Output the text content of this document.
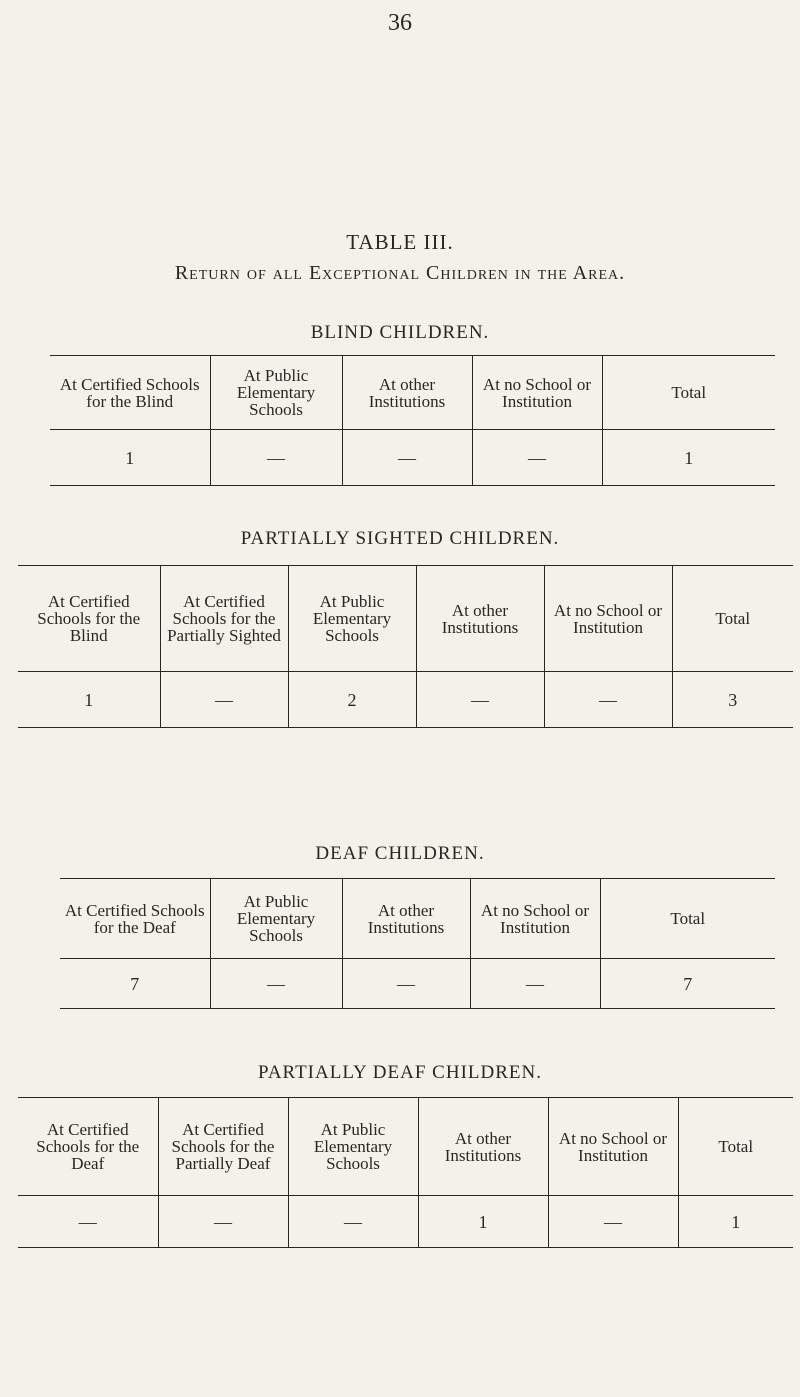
36
TABLE III.
Return of all Exceptional Children in the Area.
BLIND CHILDREN.
At Certified Schools for the Blind	At Public Elementary Schools	At other Institutions	At no School or Institution	Total
1	—	—	—	1
PARTIALLY SIGHTED CHILDREN.
At Certified Schools for the Blind	At Certified Schools for the Partially Sighted	At Public Elementary Schools	At other Institutions	At no School or Institution	Total
1	—	2	—	—	3
DEAF CHILDREN.
At Certified Schools for the Deaf	At Public Elementary Schools	At other Institutions	At no School or Institution	Total
7	—	—	—	7
PARTIALLY DEAF CHILDREN.
At Certified Schools for the Deaf	At Certified Schools for the Partially Deaf	At Public Elementary Schools	At other Institutions	At no School or Institution	Total
—	—	—	1	—	1
